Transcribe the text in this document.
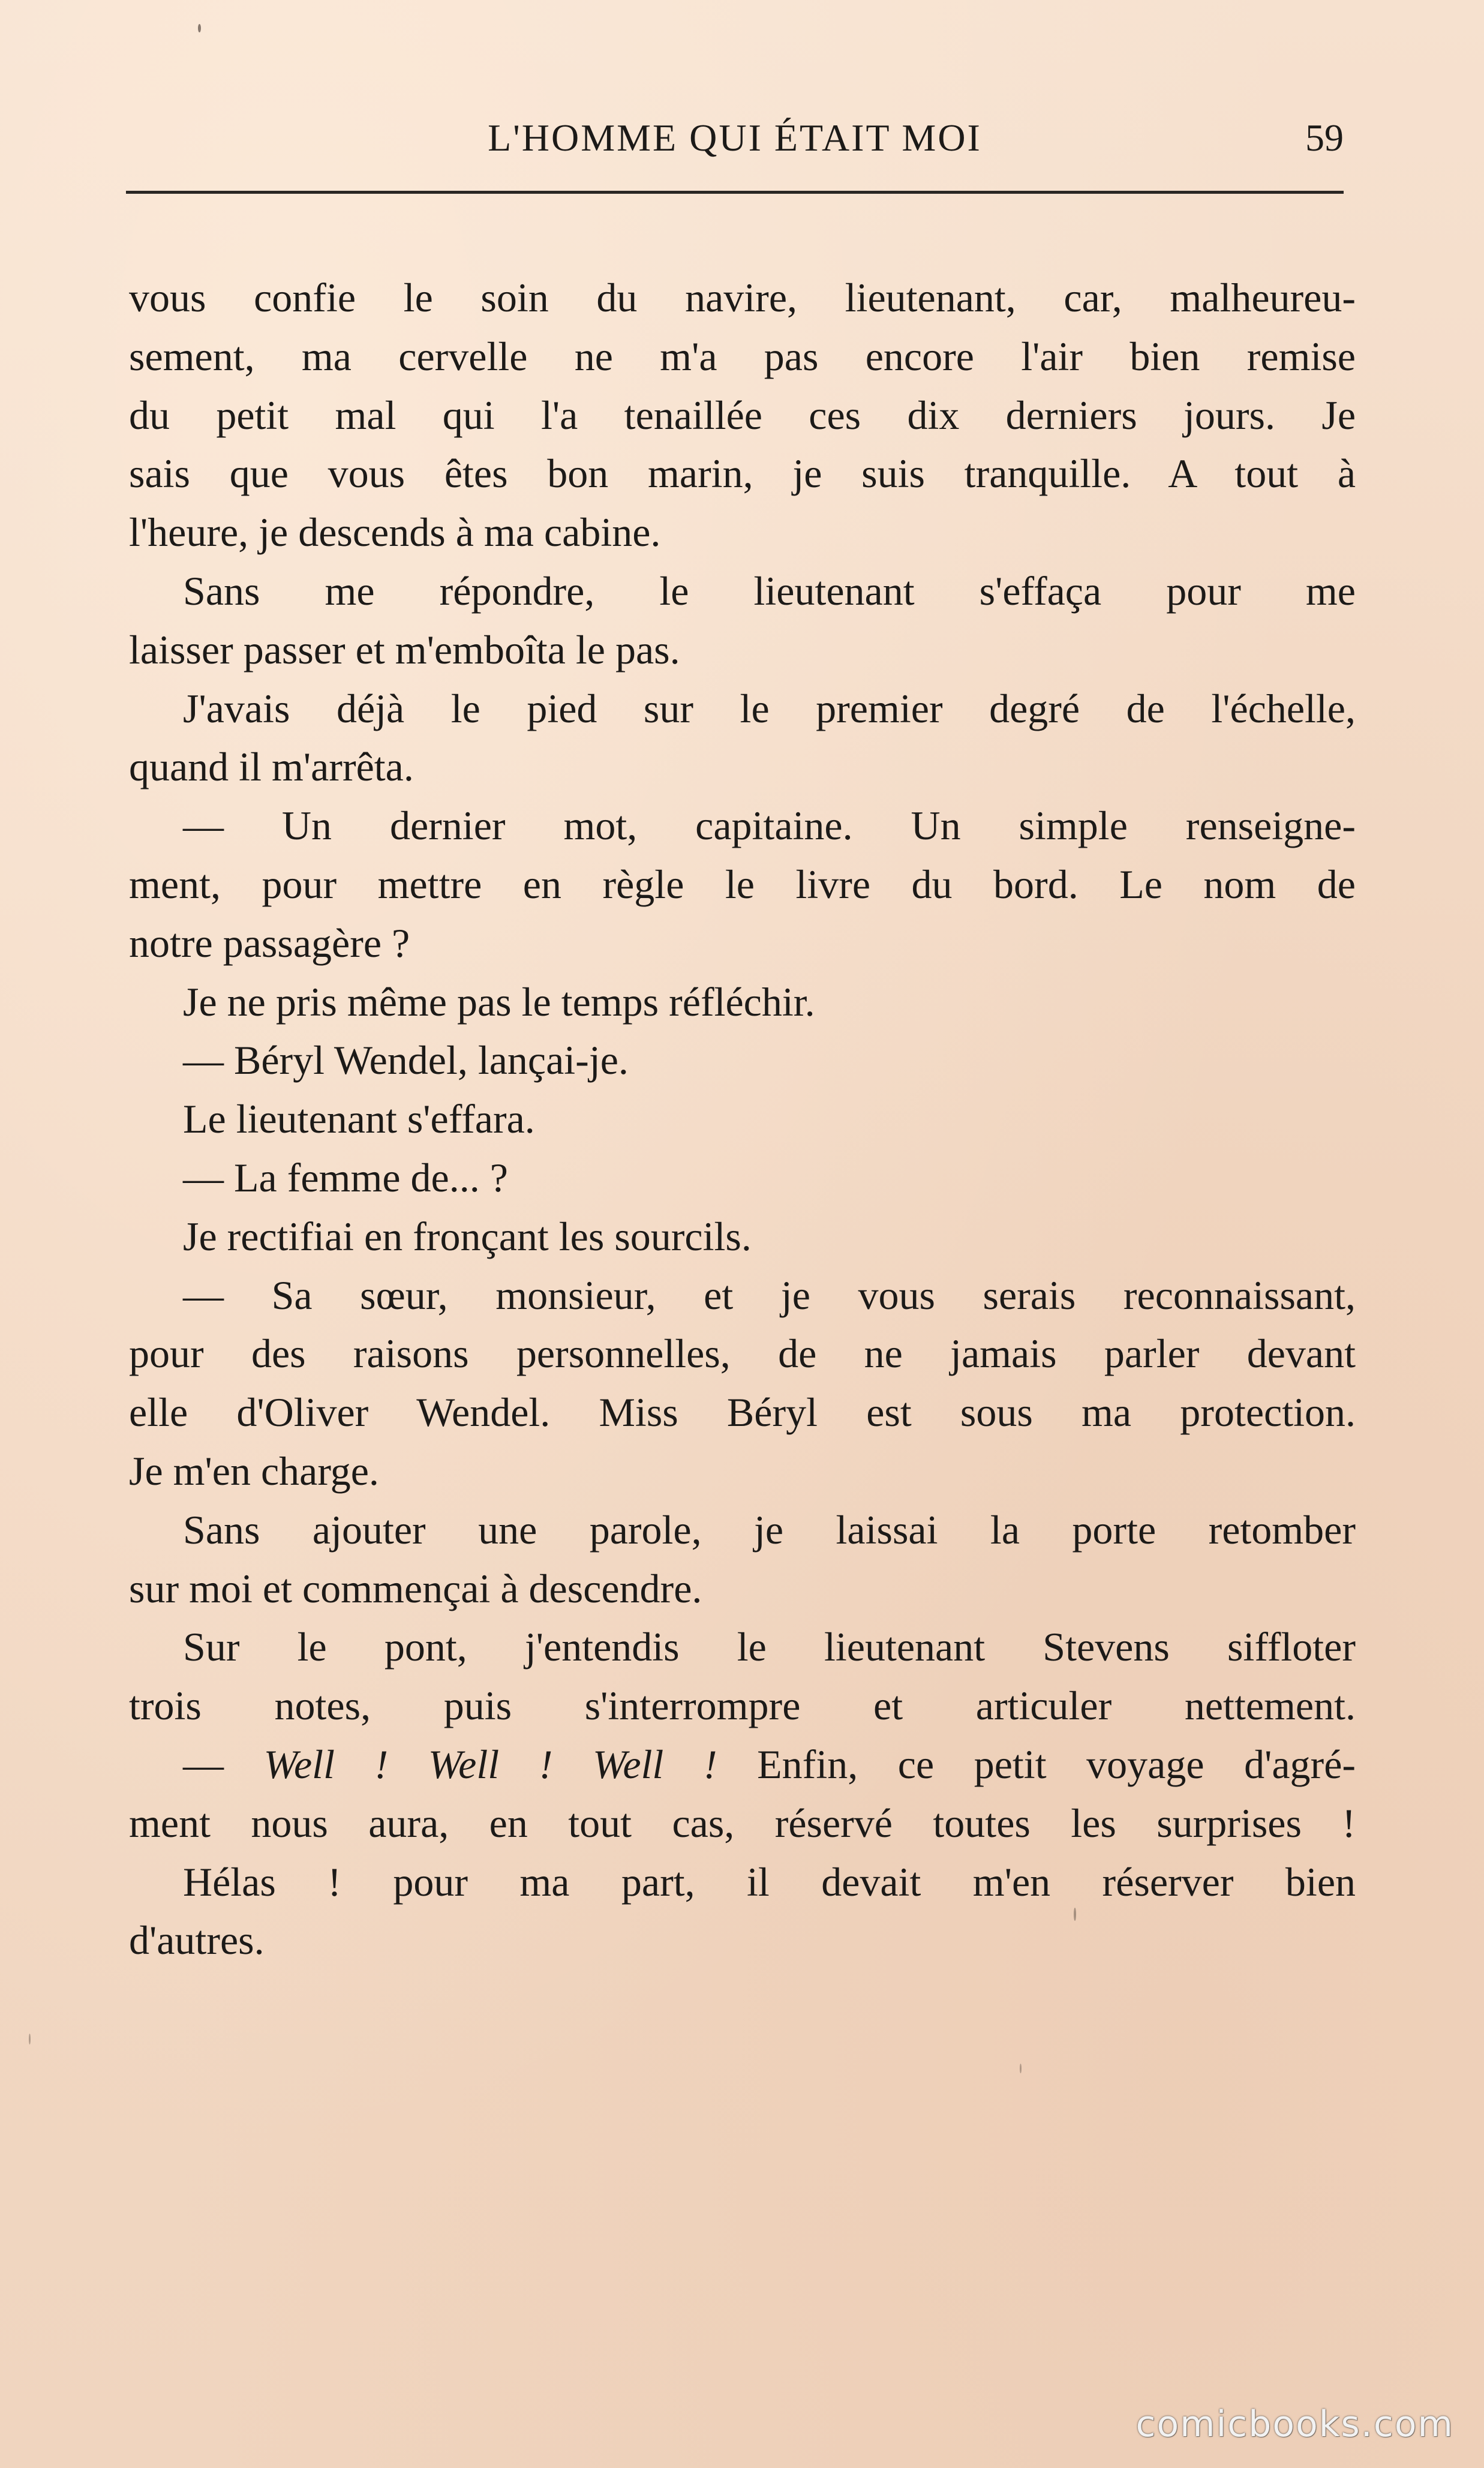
L'HOMME QUI ÉTAIT MOI	59
vous confie le soin du navire, lieutenant, car, malheureu-
sement, ma cervelle ne m'a pas encore l'air bien remise
du petit mal qui l'a tenaillée ces dix derniers jours. Je
sais que vous êtes bon marin, je suis tranquille. A tout à
l'heure, je descends à ma cabine.
Sans me répondre, le lieutenant s'effaça pour me
laisser passer et m'emboîta le pas.
J'avais déjà le pied sur le premier degré de l'échelle,
quand il m'arrêta.
— Un dernier mot, capitaine. Un simple renseigne-
ment, pour mettre en règle le livre du bord. Le nom de
notre passagère ?
Je ne pris même pas le temps réfléchir.
— Béryl Wendel, lançai-je.
Le lieutenant s'effara.
— La femme de... ?
Je rectifiai en fronçant les sourcils.
— Sa sœur, monsieur, et je vous serais reconnaissant,
pour des raisons personnelles, de ne jamais parler devant
elle d'Oliver Wendel. Miss Béryl est sous ma protection.
Je m'en charge.
Sans ajouter une parole, je laissai la porte retomber
sur moi et commençai à descendre.
Sur le pont, j'entendis le lieutenant Stevens siffloter
trois notes, puis s'interrompre et articuler nettement.
— Well ! Well ! Well ! Enfin, ce petit voyage d'agré-
ment nous aura, en tout cas, réservé toutes les surprises !
Hélas ! pour ma part, il devait m'en réserver bien
d'autres.
comicbooks.com
